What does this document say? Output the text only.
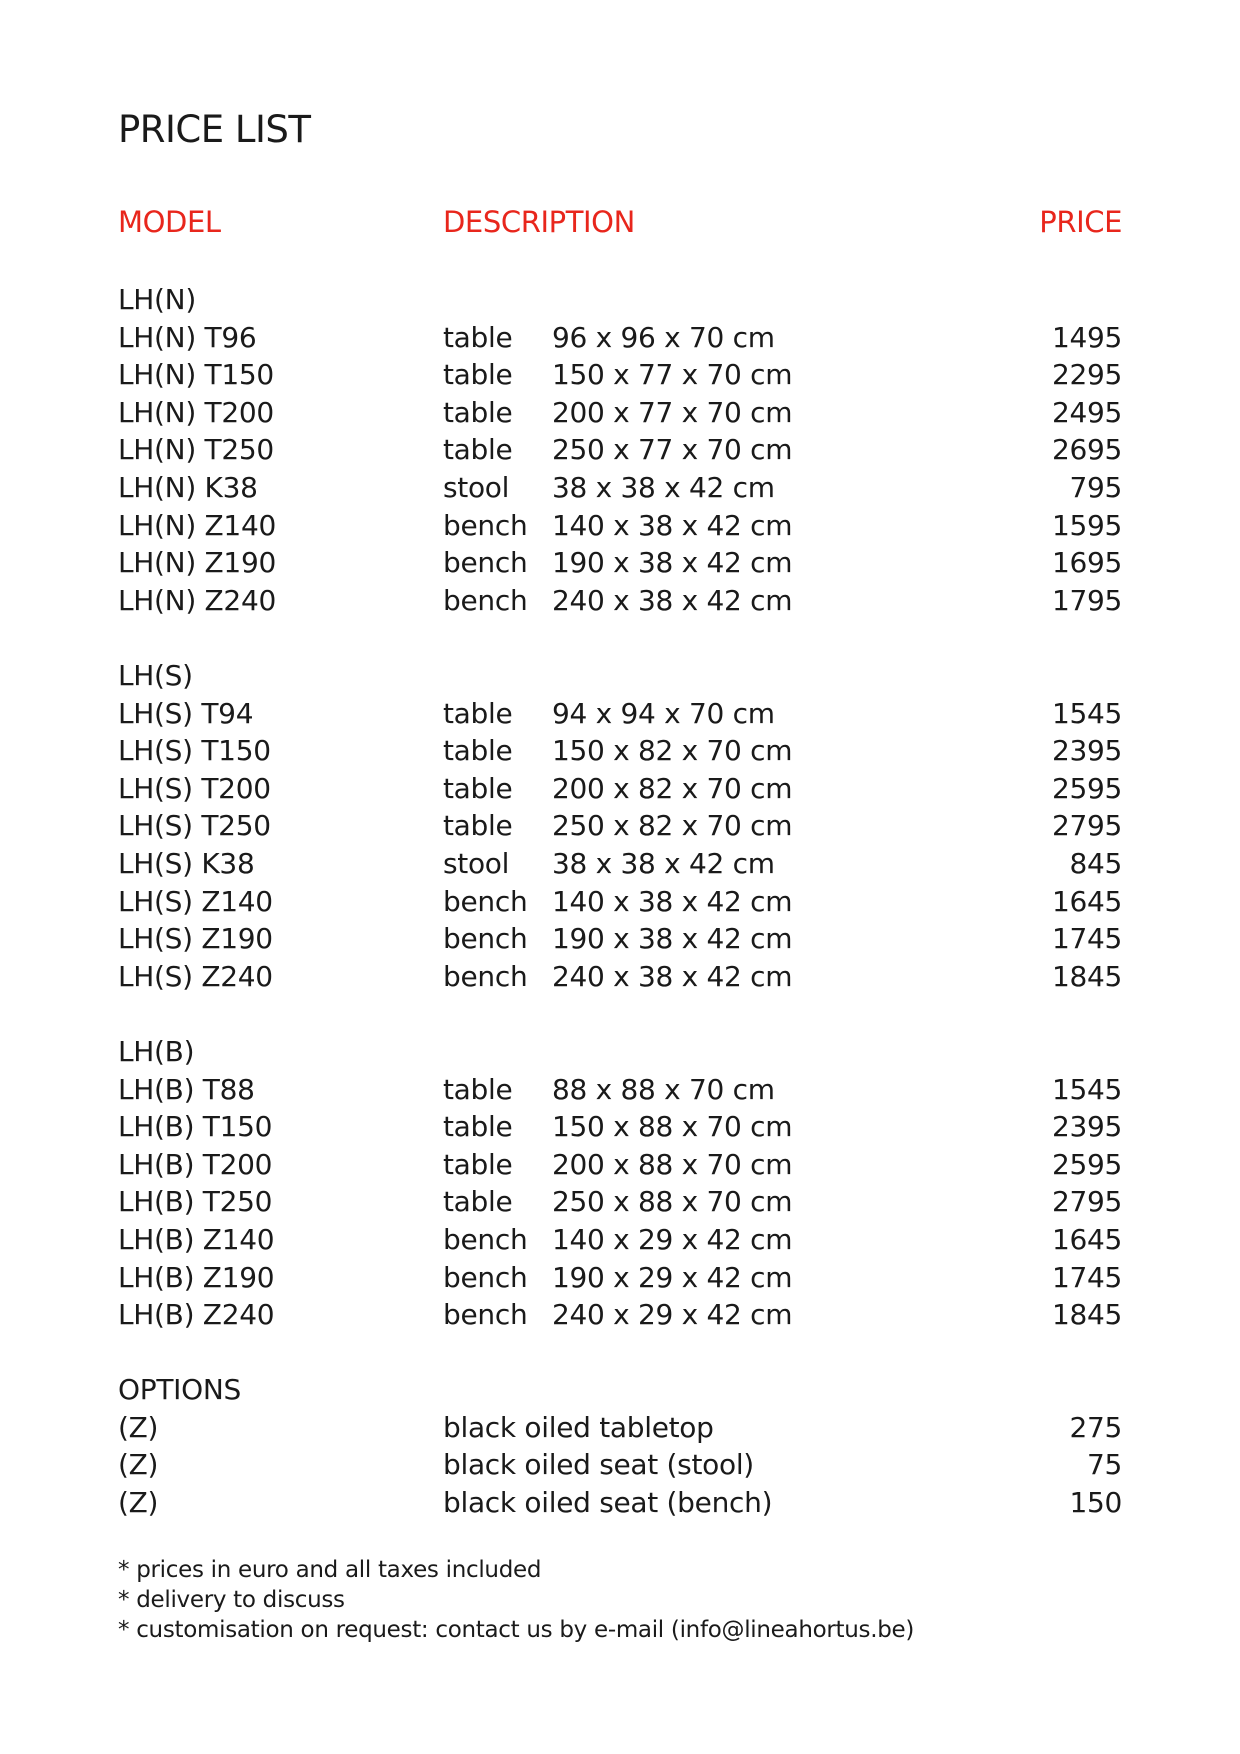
PRICE LIST
MODEL	DESCRIPTION	PRICE
LH(N)
LH(N) T96	table 96 x 96 x 70 cm	1495
LH(N) T150	table 150 x 77 x 70 cm	2295
LH(N) T200	table 200 x 77 x 70 cm	2495
LH(N) T250	table 250 x 77 x 70 cm	2695
LH(N) K38	stool 38 x 38 x 42 cm	795
LH(N) Z140	bench 140 x 38 x 42 cm	1595
LH(N) Z190	bench 190 x 38 x 42 cm	1695
LH(N) Z240	bench 240 x 38 x 42 cm	1795
LH(S)
LH(S) T94	table 94 x 94 x 70 cm	1545
LH(S) T150	table 150 x 82 x 70 cm	2395
LH(S) T200	table 200 x 82 x 70 cm	2595
LH(S) T250	table 250 x 82 x 70 cm	2795
LH(S) K38	stool 38 x 38 x 42 cm	845
LH(S) Z140	bench 140 x 38 x 42 cm	1645
LH(S) Z190	bench 190 x 38 x 42 cm	1745
LH(S) Z240	bench 240 x 38 x 42 cm	1845
LH(B)
LH(B) T88	table 88 x 88 x 70 cm	1545
LH(B) T150	table 150 x 88 x 70 cm	2395
LH(B) T200	table 200 x 88 x 70 cm	2595
LH(B) T250	table 250 x 88 x 70 cm	2795
LH(B) Z140	bench 140 x 29 x 42 cm	1645
LH(B) Z190	bench 190 x 29 x 42 cm	1745
LH(B) Z240	bench 240 x 29 x 42 cm	1845
OPTIONS
(Z)	black oiled tabletop	275
(Z)	black oiled seat (stool)	75
(Z)	black oiled seat (bench)	150
* prices in euro and all taxes included
* delivery to discuss
* customisation on request: contact us by e-mail (info@lineahortus.be)
